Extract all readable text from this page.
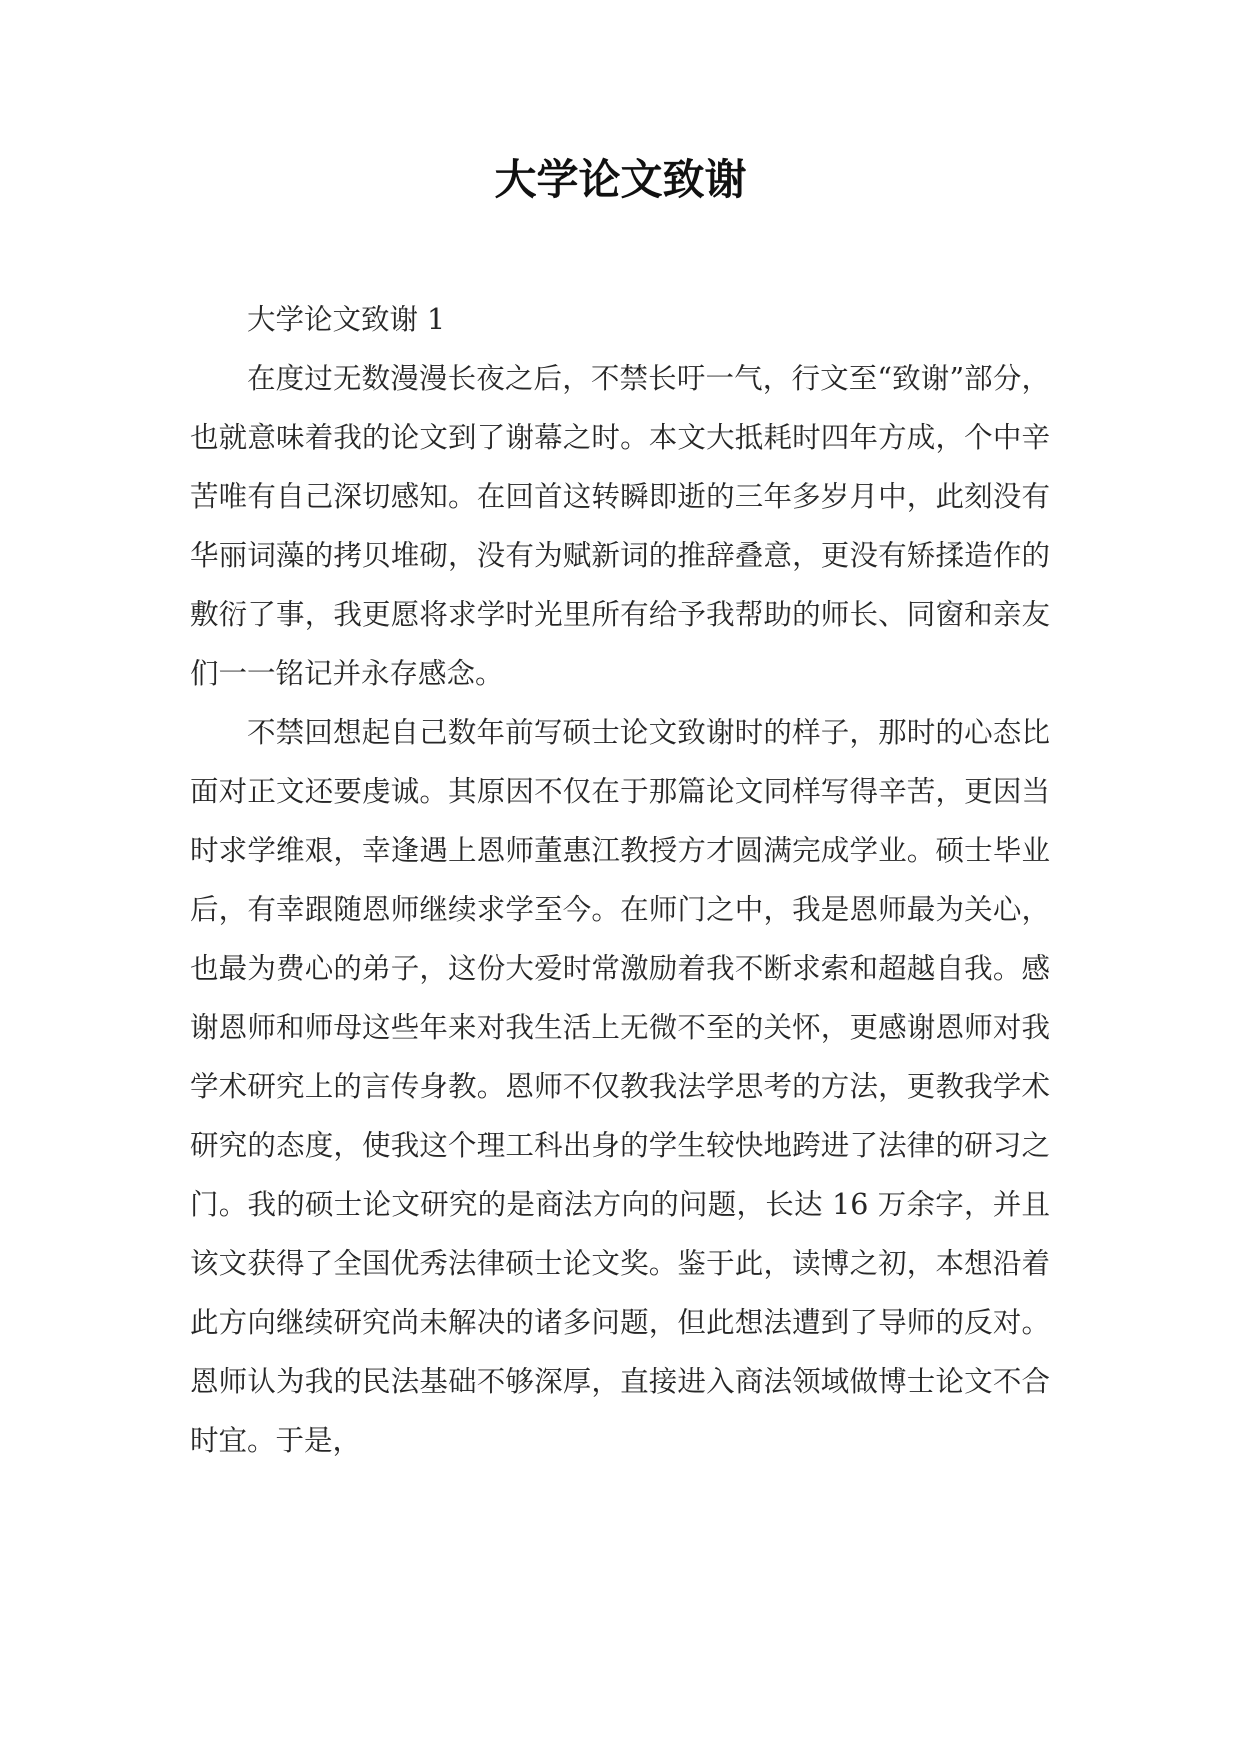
大学论文致谢
大学论文致谢 1

在度过无数漫漫长夜之后，不禁长吁一气，行文至“致谢”部分，也就意味着我的论文到了谢幕之时。本文大抵耗时四年方成，个中辛苦唯有自己深切感知。在回首这转瞬即逝的三年多岁月中，此刻没有华丽词藻的拷贝堆砌，没有为赋新词的推辞叠意，更没有矫揉造作的敷衍了事，我更愿将求学时光里所有给予我帮助的师长、同窗和亲友们一一铭记并永存感念。

不禁回想起自己数年前写硕士论文致谢时的样子，那时的心态比面对正文还要虔诚。其原因不仅在于那篇论文同样写得辛苦，更因当时求学维艰，幸逢遇上恩师董惠江教授方才圆满完成学业。硕士毕业后，有幸跟随恩师继续求学至今。在师门之中，我是恩师最为关心，也最为费心的弟子，这份大爱时常激励着我不断求索和超越自我。感谢恩师和师母这些年来对我生活上无微不至的关怀，更感谢恩师对我学术研究上的言传身教。恩师不仅教我法学思考的方法，更教我学术研究的态度，使我这个理工科出身的学生较快地跨进了法律的研习之门。我的硕士论文研究的是商法方向的问题，长达 16 万余字，并且该文获得了全国优秀法律硕士论文奖。鉴于此，读博之初，本想沿着此方向继续研究尚未解决的诸多问题，但此想法遭到了导师的反对。恩师认为我的民法基础不够深厚，直接进入商法领域做博士论文不合时宜。于是，
